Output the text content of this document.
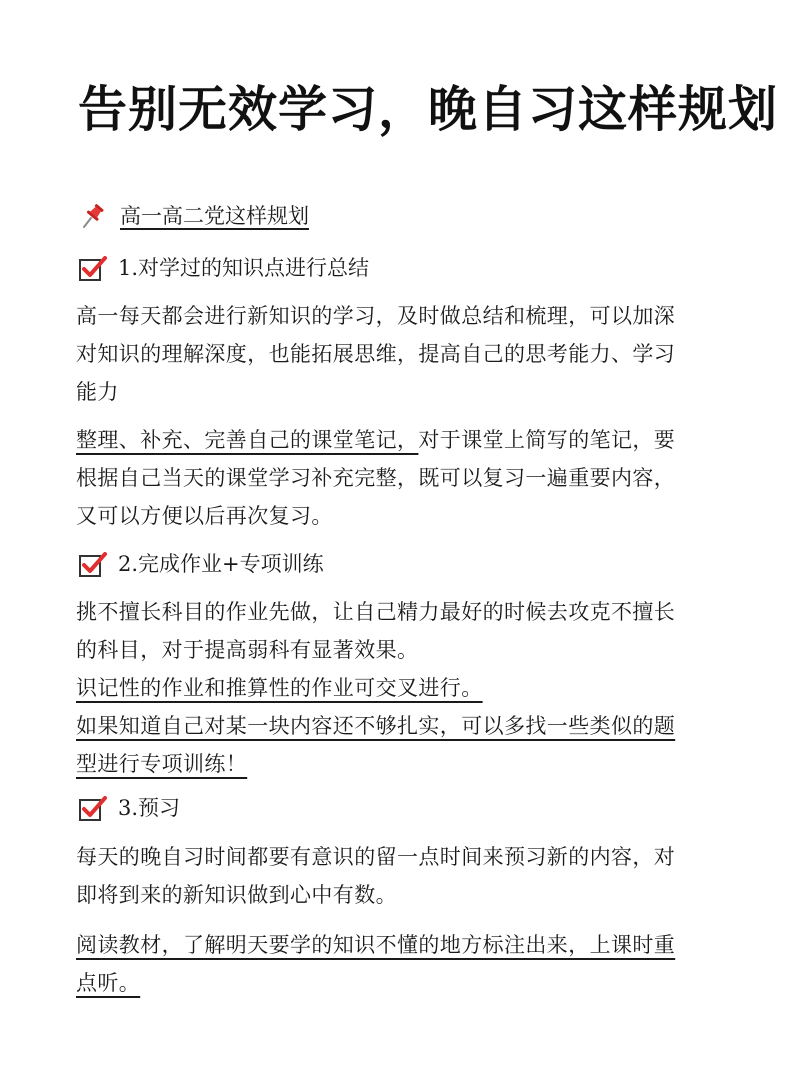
告别无效学习，晚自习这样规划
高一高二党这样规划
1.对学过的知识点进行总结

高一每天都会进行新知识的学习，及时做总结和梳理，可以加深
对知识的理解深度，也能拓展思维，提高自己的思考能力、学习
能力

整理、补充、完善自己的课堂笔记，对于课堂上简写的笔记，要
根据自己当天的课堂学习补充完整，既可以复习一遍重要内容，
又可以方便以后再次复习。

2.完成作业+专项训练

挑不擅长科目的作业先做，让自己精力最好的时候去攻克不擅长
的科目，对于提高弱科有显著效果。
识记性的作业和推算性的作业可交叉进行。
如果知道自己对某一块内容还不够扎实，可以多找一些类似的题
型进行专项训练！

3.预习

每天的晚自习时间都要有意识的留一点时间来预习新的内容，对
即将到来的新知识做到心中有数。

阅读教材，了解明天要学的知识不懂的地方标注出来，上课时重
点听。
